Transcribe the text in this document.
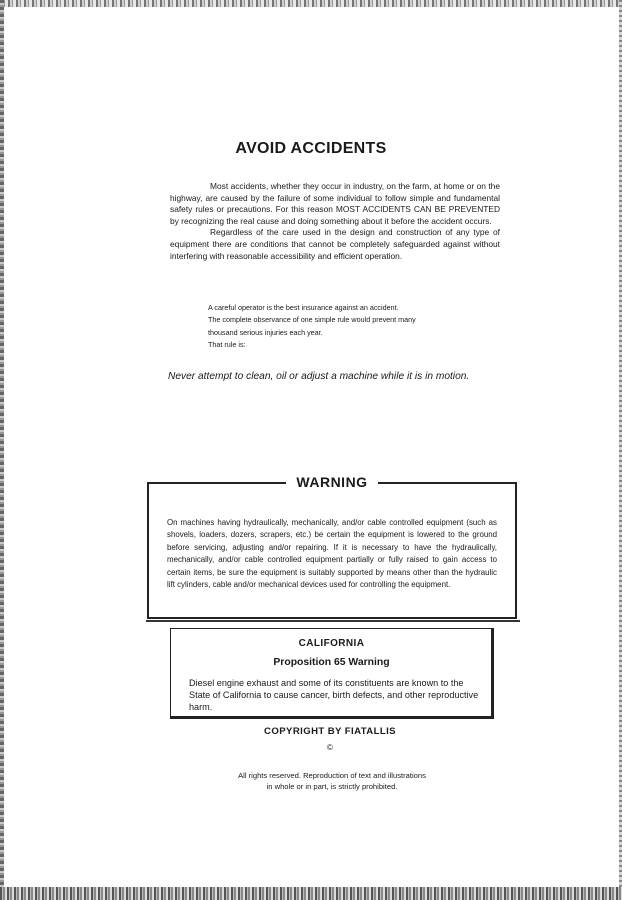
AVOID ACCIDENTS

Most accidents, whether they occur in industry, on the farm, at home or on the highway, are caused by the failure of some individual to follow simple and fundamental safety rules or precautions. For this reason MOST ACCIDENTS CAN BE PREVENTED by recognizing the real cause and doing something about it before the accident occurs.

Regardless of the care used in the design and construction of any type of equipment there are conditions that cannot be completely safeguarded against without interfering with reasonable accessibility and efficient operation.

A careful operator is the best insurance against an accident.
The complete observance of one simple rule would prevent many
thousand serious injuries each year.
That rule is:
Never attempt to clean, oil or adjust a machine while it is in motion.
WARNING
On machines having hydraulically, mechanically, and/or cable controlled equipment (such as shovels, loaders, dozers, scrapers, etc.) be certain the equipment is lowered to the ground before servicing, adjusting and/or repairing. If it is necessary to have the hydraulically, mechanically, and/or cable controlled equipment partially or fully raised to gain access to certain items, be sure the equipment is suitably supported by means other than the hydraulic lift cylinders, cable and/or mechanical devices used for controlling the equipment.
CALIFORNIA
Proposition 65 Warning
Diesel engine exhaust and some of its constituents are known to the State of California to cause cancer, birth defects, and other reproductive harm.
COPYRIGHT BY FIATALLIS
©
All rights reserved. Reproduction of text and illustrations
in whole or in part, is strictly prohibited.
